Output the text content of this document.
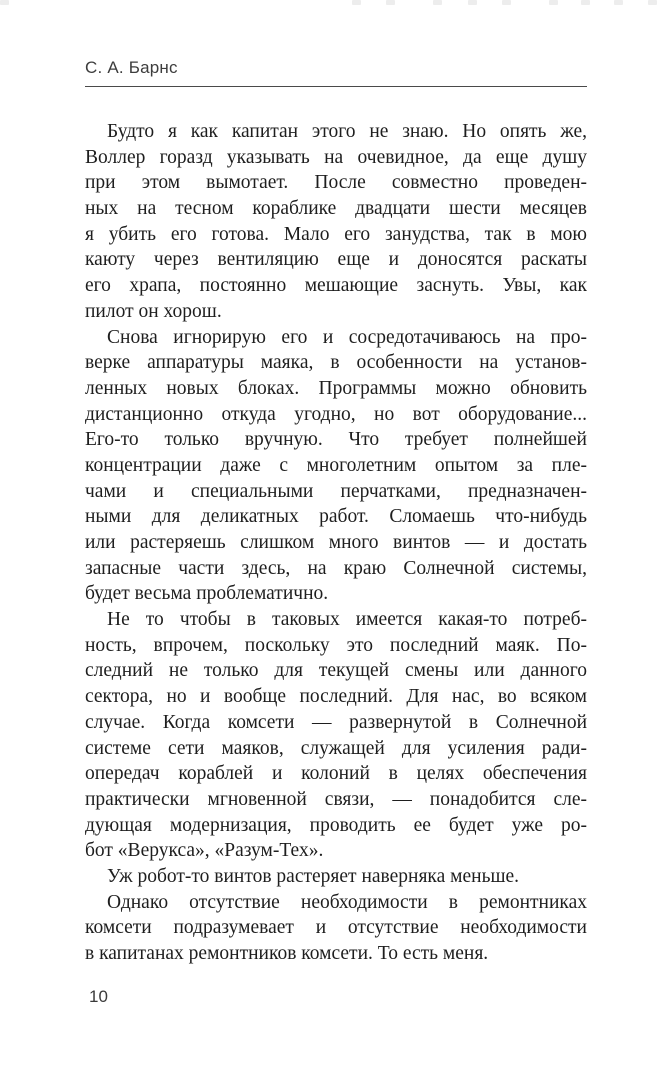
С. А. Барнс
Будто я как капитан этого не знаю. Но опять же,
Воллер горазд указывать на очевидное, да еще душу
при этом вымотает. После совместно проведен-
ных на тесном кораблике двадцати шести месяцев
я убить его готова. Мало его занудства, так в мою
каюту через вентиляцию еще и доносятся раскаты
его храпа, постоянно мешающие заснуть. Увы, как
пилот он хорош.
Снова игнорирую его и сосредотачиваюсь на про-
верке аппаратуры маяка, в особенности на установ-
ленных новых блоках. Программы можно обновить
дистанционно откуда угодно, но вот оборудование...
Его-то только вручную. Что требует полнейшей
концентрации даже с многолетним опытом за пле-
чами и специальными перчатками, предназначен-
ными для деликатных работ. Сломаешь что-нибудь
или растеряешь слишком много винтов — и достать
запасные части здесь, на краю Солнечной системы,
будет весьма проблематично.
Не то чтобы в таковых имеется какая-то потреб-
ность, впрочем, поскольку это последний маяк. По-
следний не только для текущей смены или данного
сектора, но и вообще последний. Для нас, во всяком
случае. Когда комсети — развернутой в Солнечной
системе сети маяков, служащей для усиления ради-
опередач кораблей и колоний в целях обеспечения
практически мгновенной связи, — понадобится сле-
дующая модернизация, проводить ее будет уже ро-
бот «Верукса», «Разум-Тех».
Уж робот-то винтов растеряет наверняка меньше.
Однако отсутствие необходимости в ремонтниках
комсети подразумевает и отсутствие необходимости
в капитанах ремонтников комсети. То есть меня.
10
